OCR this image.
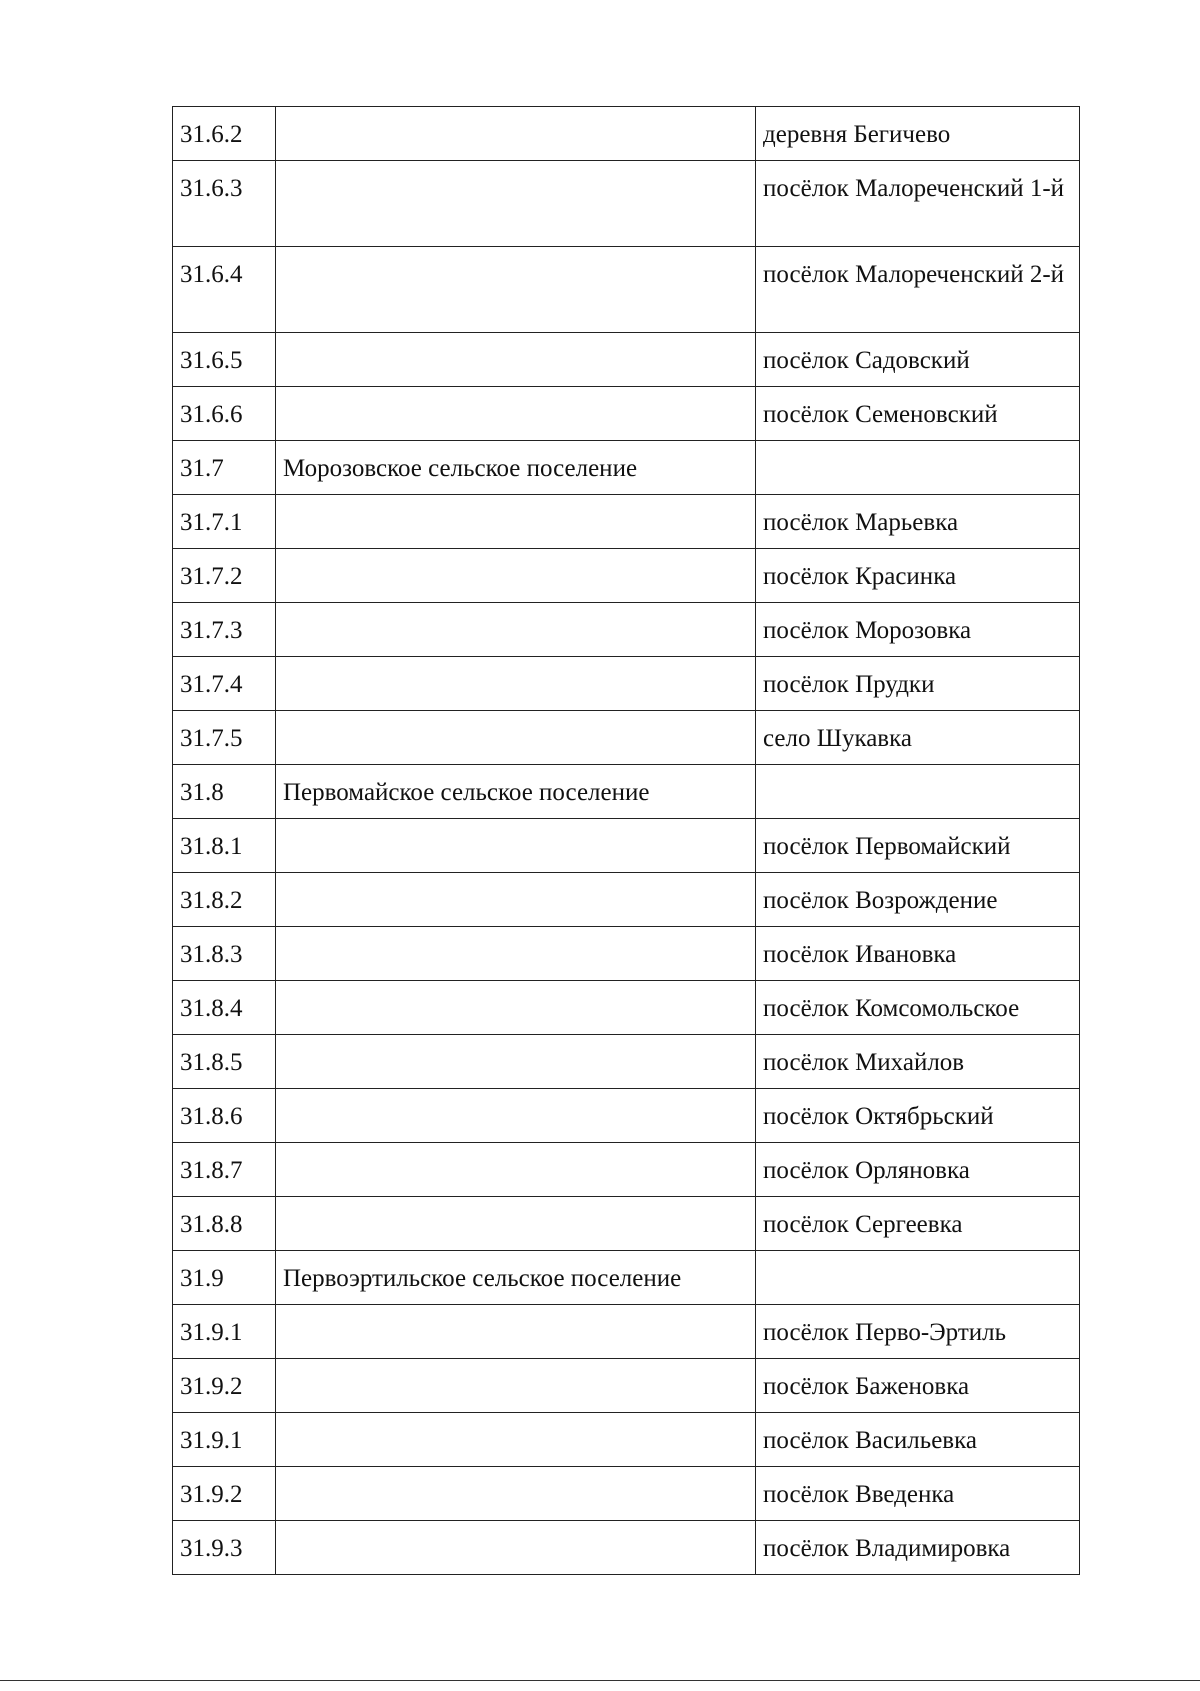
31.6.2		деревня Бегичево
31.6.3		посёлок Малореченский 1-й
31.6.4		посёлок Малореченский 2-й
31.6.5		посёлок Садовский
31.6.6		посёлок Семеновский
31.7	Морозовское сельское поселение	
31.7.1		посёлок Марьевка
31.7.2		посёлок Красинка
31.7.3		посёлок Морозовка
31.7.4		посёлок Прудки
31.7.5		село Шукавка
31.8	Первомайское сельское поселение	
31.8.1		посёлок Первомайский
31.8.2		посёлок Возрождение
31.8.3		посёлок Ивановка
31.8.4		посёлок Комсомольское
31.8.5		посёлок Михайлов
31.8.6		посёлок Октябрьский
31.8.7		посёлок Орляновка
31.8.8		посёлок Сергеевка
31.9	Первоэртильское сельское поселение	
31.9.1		посёлок Перво-Эртиль
31.9.2		посёлок Баженовка
31.9.1		посёлок Васильевка
31.9.2		посёлок Введенка
31.9.3		посёлок Владимировка
